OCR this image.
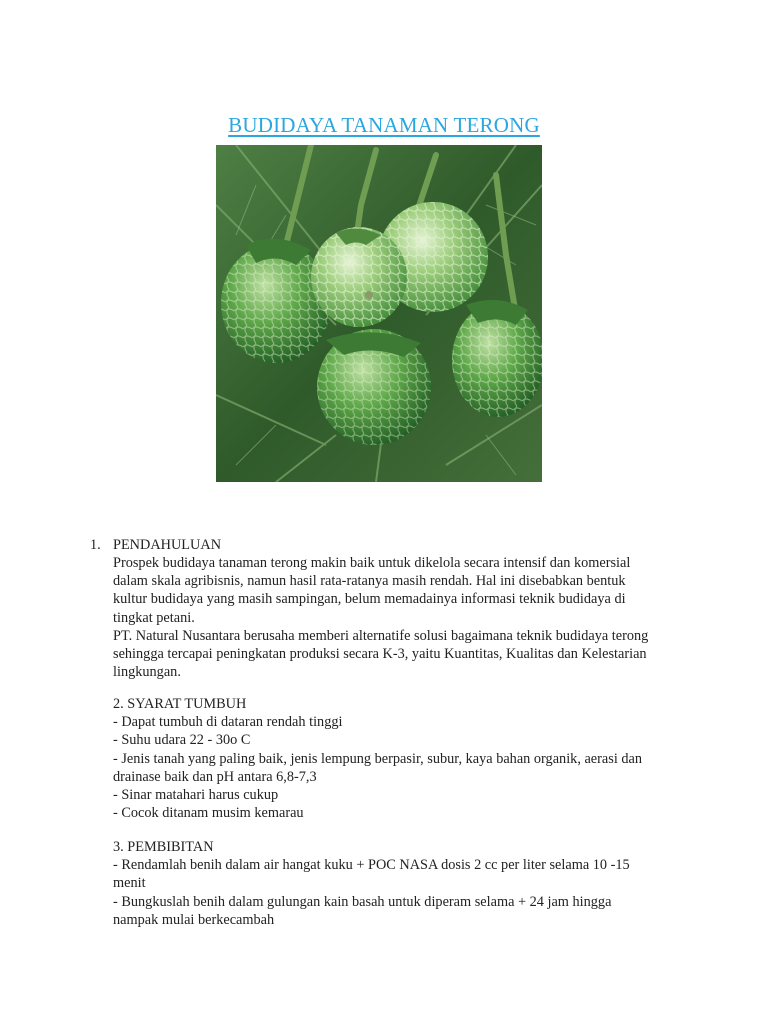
BUDIDAYA TANAMAN TERONG
1. PENDAHULUAN
Prospek budidaya tanaman terong makin baik untuk dikelola secara intensif dan komersial
dalam skala agribisnis, namun hasil rata-ratanya masih rendah. Hal ini disebabkan bentuk
kultur budidaya yang masih sampingan, belum memadainya informasi teknik budidaya di
tingkat petani.
PT. Natural Nusantara berusaha memberi alternatife solusi bagaimana teknik budidaya terong
sehingga tercapai peningkatan produksi secara K-3, yaitu Kuantitas, Kualitas dan Kelestarian
lingkungan.
2. SYARAT TUMBUH
- Dapat tumbuh di dataran rendah tinggi
- Suhu udara 22 - 30o C
- Jenis tanah yang paling baik, jenis lempung berpasir, subur, kaya bahan organik, aerasi dan
drainase baik dan pH antara 6,8-7,3
- Sinar matahari harus cukup
- Cocok ditanam musim kemarau
3. PEMBIBITAN
- Rendamlah benih dalam air hangat kuku + POC NASA dosis 2 cc per liter selama 10 -15
menit
- Bungkuslah benih dalam gulungan kain basah untuk diperam selama + 24 jam hingga
nampak mulai berkecambah
